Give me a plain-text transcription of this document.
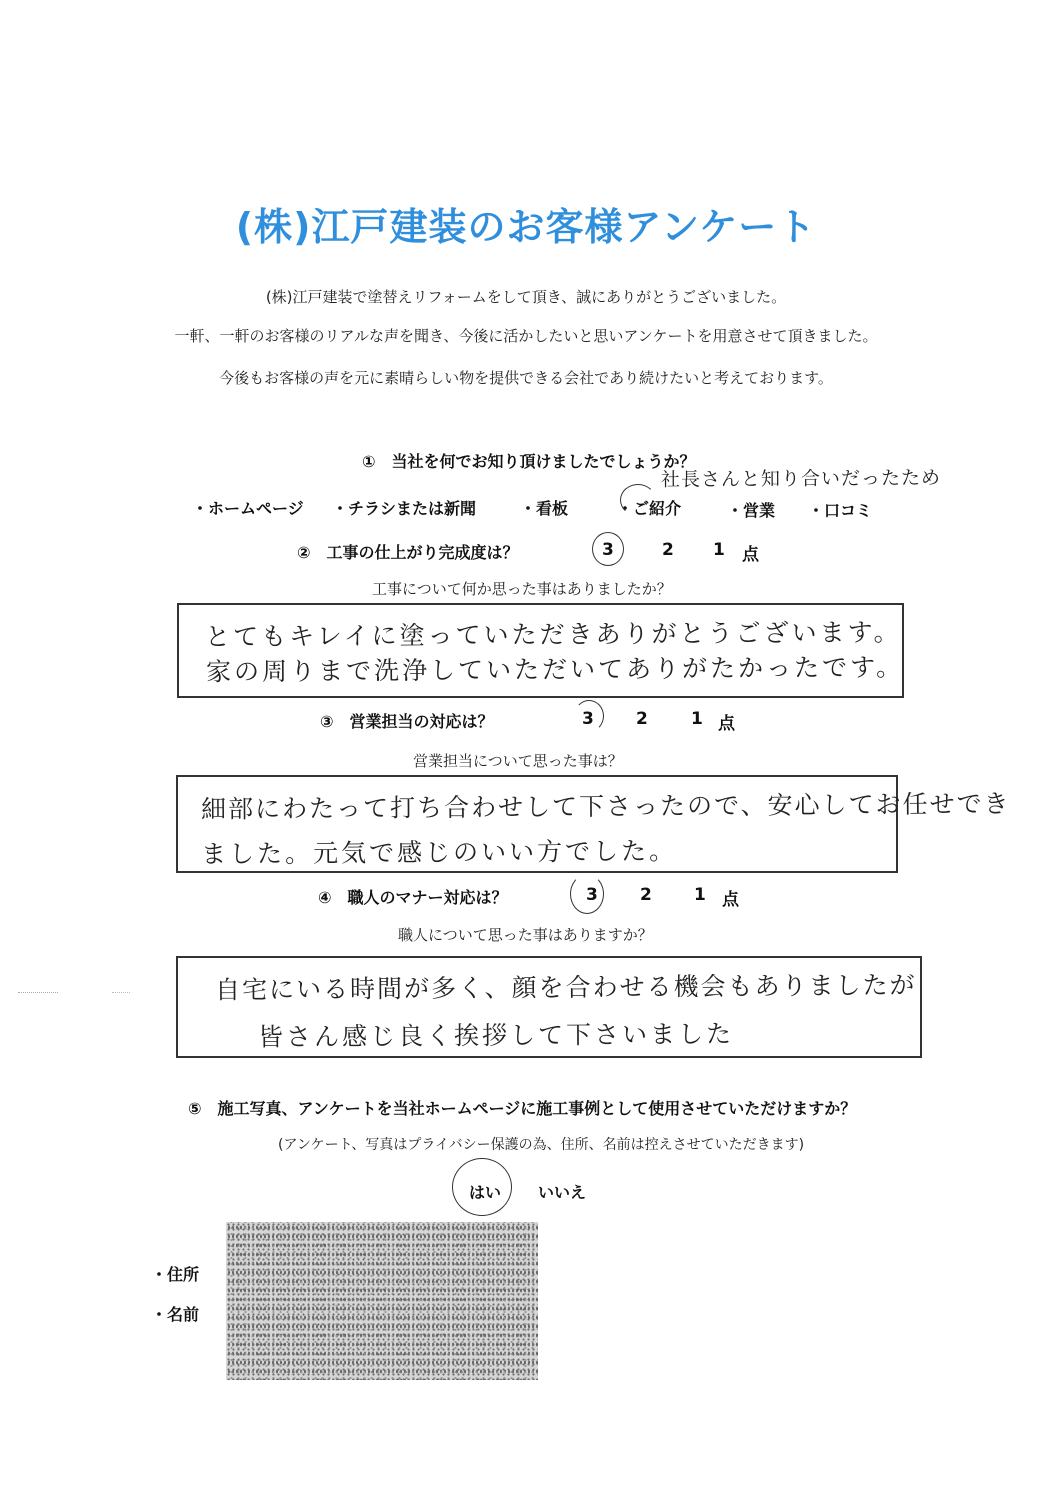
(株)江戸建装のお客様アンケート
(株)江戸建装で塗替えリフォームをして頂き、誠にありがとうございました。
一軒、一軒のお客様のリアルな声を聞き、今後に活かしたいと思いアンケートを用意させて頂きました。
今後もお客様の声を元に素晴らしい物を提供できる会社であり続けたいと考えております。
①　当社を何でお知り頂けましたでしょうか？
・ホームページ ・チラシまたは新聞	・看板	・ご紹介	・営業 ・口コミ
社長さんと知り合いだったため
②　工事の仕上がり完成度は？	3	2 1 点
工事について何か思った事はありましたか？
とてもキレイに塗っていただきありがとうございます。
家の周りまで洗浄していただいてありがたかったです。
③　営業担当の対応は？	3 2	1 点
営業担当について思った事は？
細部にわたって打ち合わせして下さったので、安心してお任せでき
ました。元気で感じのいい方でした。
④　職人のマナー対応は？	3 2 1 点
職人について思った事はありますか？
自宅にいる時間が多く、顔を合わせる機会もありましたが
皆さん感じ良く挨拶して下さいました
⑤　施工写真、アンケートを当社ホームページに施工事例として使用させていただけますか？
(アンケート、写真はプライバシー保護の為、住所、名前は控えさせていただきます)
はい いいえ
・住所
・名前
